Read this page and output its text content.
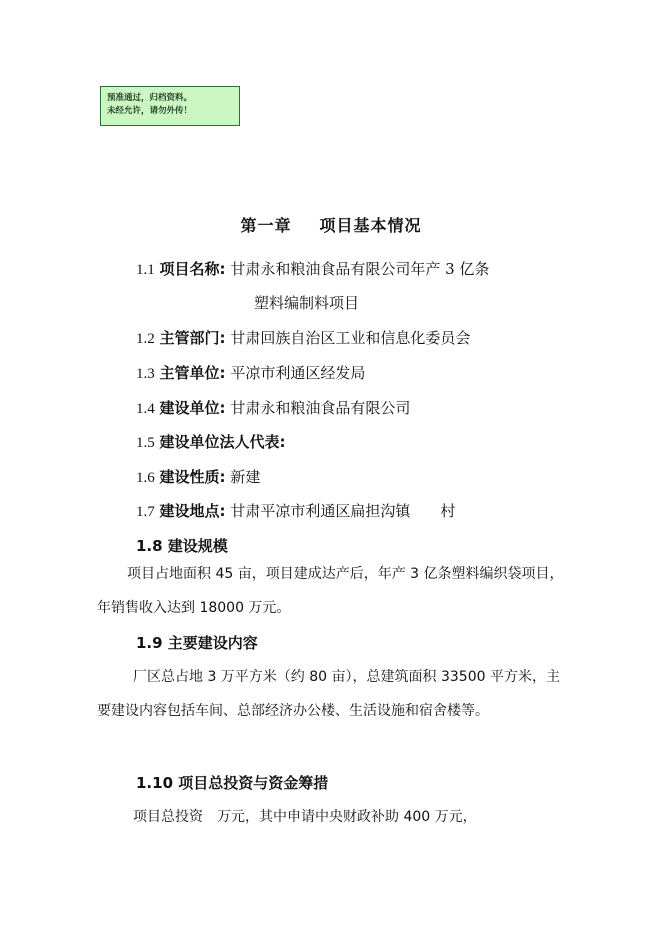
预准通过，归档资料。
未经允许，请勿外传！
第一章 项目基本情况
1.1 项目名称: 甘肃永和粮油食品有限公司年产 3 亿条
塑料编制料项目
1.2 主管部门: 甘肃回族自治区工业和信息化委员会
1.3 主管单位: 平凉市利通区经发局
1.4 建设单位: 甘肃永和粮油食品有限公司
1.5 建设单位法人代表:
1.6 建设性质: 新建
1.7 建设地点: 甘肃平凉市利通区扁担沟镇　　村
1.8 建设规模
项目占地面积 45 亩，项目建成达产后，年产 3 亿条塑料编织袋项目，年销售收入达到 18000 万元。
1.9 主要建设内容
厂区总占地 3 万平方米（约 80 亩），总建筑面积 33500 平方米，主要建设内容包括车间、总部经济办公楼、生活设施和宿舍楼等。
1.10 项目总投资与资金筹措
项目总投资　万元，其中申请中央财政补助 400 万元，
